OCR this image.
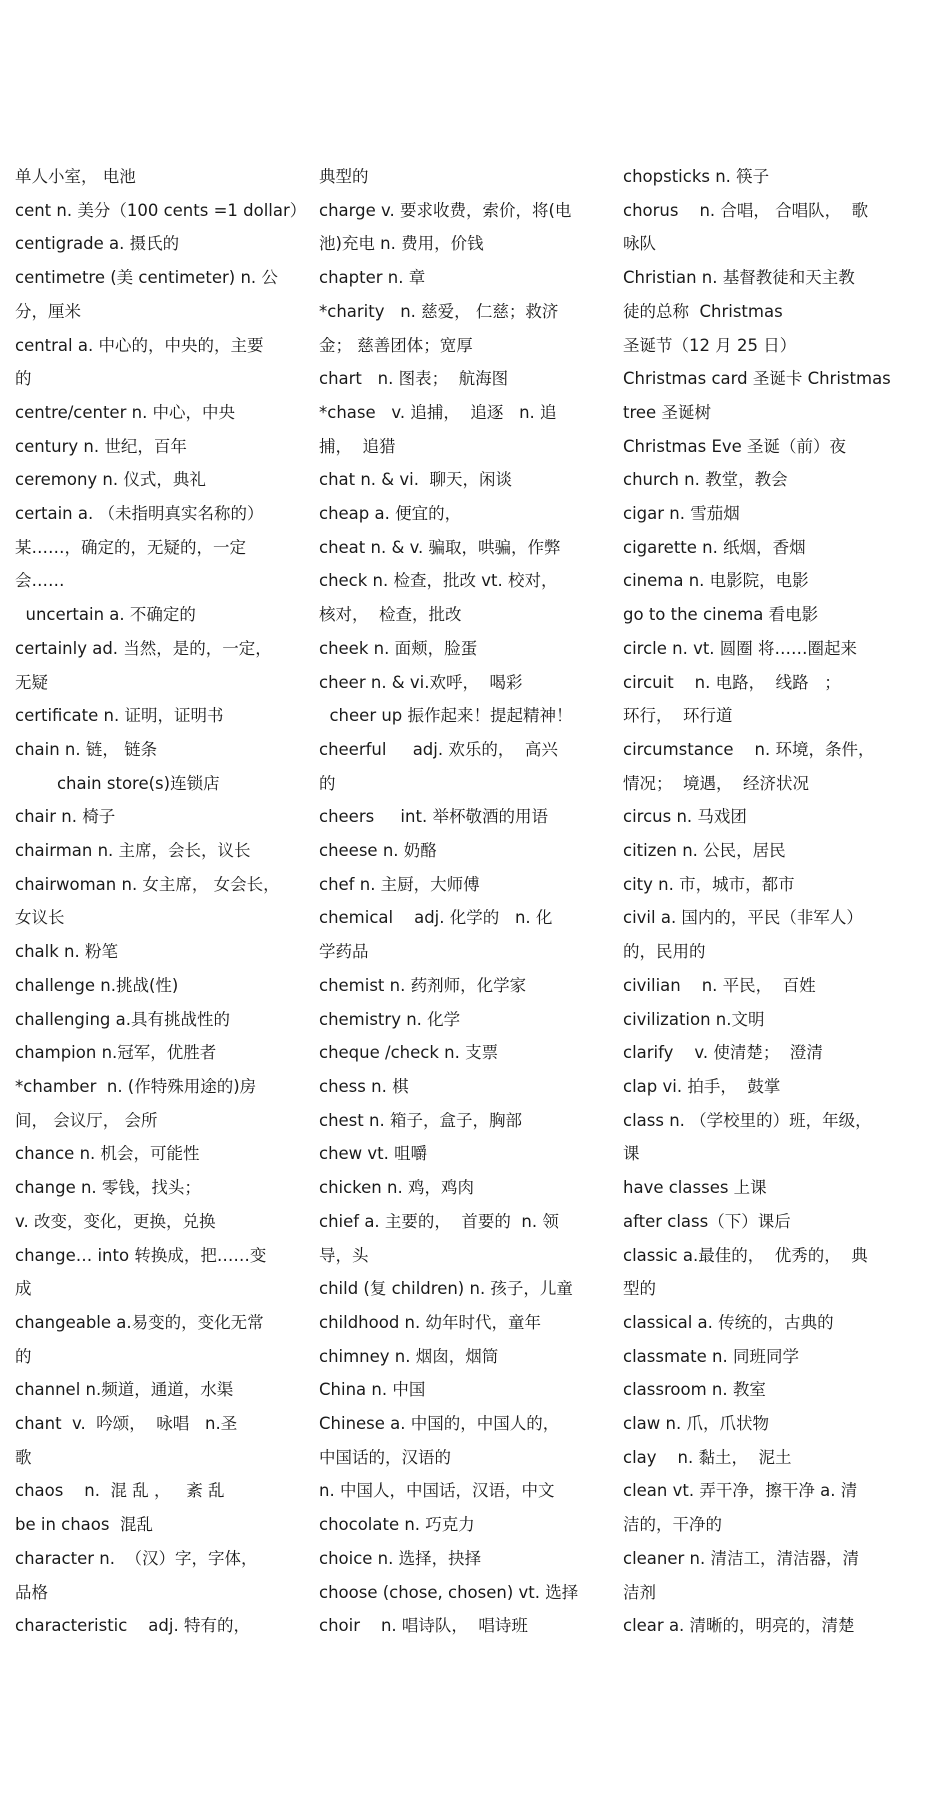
单人小室， 电池
cent n. 美分（100 cents =1 dollar）
centigrade a. 摄氏的
centimetre (美 centimeter) n. 公
分，厘米
central a. 中心的，中央的，主要
的
centre/center n. 中心，中央
century n. 世纪，百年
ceremony n. 仪式，典礼
certain a. （未指明真实名称的）
某……，确定的，无疑的，一定
会……
uncertain a. 不确定的
certainly ad. 当然，是的，一定，
无疑
certificate n. 证明，证明书
chain n. 链， 链条
chain store(s)连锁店
chair n. 椅子
chairman n. 主席，会长，议长
chairwoman n. 女主席， 女会长，
女议长
chalk n. 粉笔
challenge n.挑战(性)
challenging a.具有挑战性的
champion n.冠军，优胜者
*chamber  n. (作特殊用途的)房
间， 会议厅， 会所
chance n. 机会，可能性
change n. 零钱，找头；
v. 改变，变化，更换，兑换
change… into 转换成，把……变
成
changeable a.易变的，变化无常
的
channel n.频道，通道，水渠
chant  v.  吟颂，  咏唱   n.圣
歌
chaos    n.  混 乱 ，   紊 乱
be in chaos  混乱
character n.  （汉）字，字体，
品格
characteristic    adj. 特有的，
典型的
charge v. 要求收费，索价，将(电
池)充电 n. 费用，价钱
chapter n. 章
*charity   n. 慈爱， 仁慈；救济
金； 慈善团体；宽厚
chart   n. 图表；  航海图
*chase   v. 追捕，  追逐   n. 追
捕，  追猎
chat n. & vi.  聊天，闲谈
cheap a. 便宜的，
cheat n. & v. 骗取，哄骗，作弊
check n. 检查，批改 vt. 校对，
核对，  检查，批改
cheek n. 面颊，脸蛋
cheer n. & vi.欢呼，  喝彩
cheer up 振作起来！提起精神！
cheerful     adj. 欢乐的，  高兴
的
cheers     int. 举杯敬酒的用语
cheese n. 奶酪
chef n. 主厨，大师傅
chemical    adj. 化学的   n. 化
学药品
chemist n. 药剂师，化学家
chemistry n. 化学
cheque /check n. 支票
chess n. 棋
chest n. 箱子，盒子，胸部
chew vt. 咀嚼
chicken n. 鸡，鸡肉
chief a. 主要的，  首要的  n. 领
导，头
child (复 children) n. 孩子，儿童
childhood n. 幼年时代，童年
chimney n. 烟囱，烟筒
China n. 中国
Chinese a. 中国的，中国人的，
中国话的，汉语的
n. 中国人，中国话，汉语，中文
chocolate n. 巧克力
choice n. 选择，抉择
choose (chose, chosen) vt. 选择
choir    n. 唱诗队，  唱诗班
chopsticks n. 筷子
chorus    n. 合唱， 合唱队，  歌
咏队
Christian n. 基督教徒和天主教
徒的总称  Christmas
圣诞节（12 月 25 日）
Christmas card 圣诞卡 Christmas
tree 圣诞树
Christmas Eve 圣诞（前）夜
church n. 教堂，教会
cigar n. 雪茄烟
cigarette n. 纸烟，香烟
cinema n. 电影院，电影
go to the cinema 看电影
circle n. vt. 圆圈 将……圈起来
circuit    n. 电路，  线路   ；
环行，  环行道
circumstance    n. 环境，条件，
情况；  境遇，  经济状况
circus n. 马戏团
citizen n. 公民，居民
city n. 市，城市，都市
civil a. 国内的，平民（非军人）
的，民用的
civilian    n. 平民，  百姓
civilization n.文明
clarify    v. 使清楚；  澄清
clap vi. 拍手，  鼓掌
class n. （学校里的）班，年级，
课
have classes 上课
after class（下）课后
classic a.最佳的，  优秀的，  典
型的
classical a. 传统的，古典的
classmate n. 同班同学
classroom n. 教室
claw n. 爪，爪状物
clay    n. 黏土，  泥土
clean vt. 弄干净，擦干净 a. 清
洁的，干净的
cleaner n. 清洁工，清洁器，清
洁剂
clear a. 清晰的，明亮的，清楚
